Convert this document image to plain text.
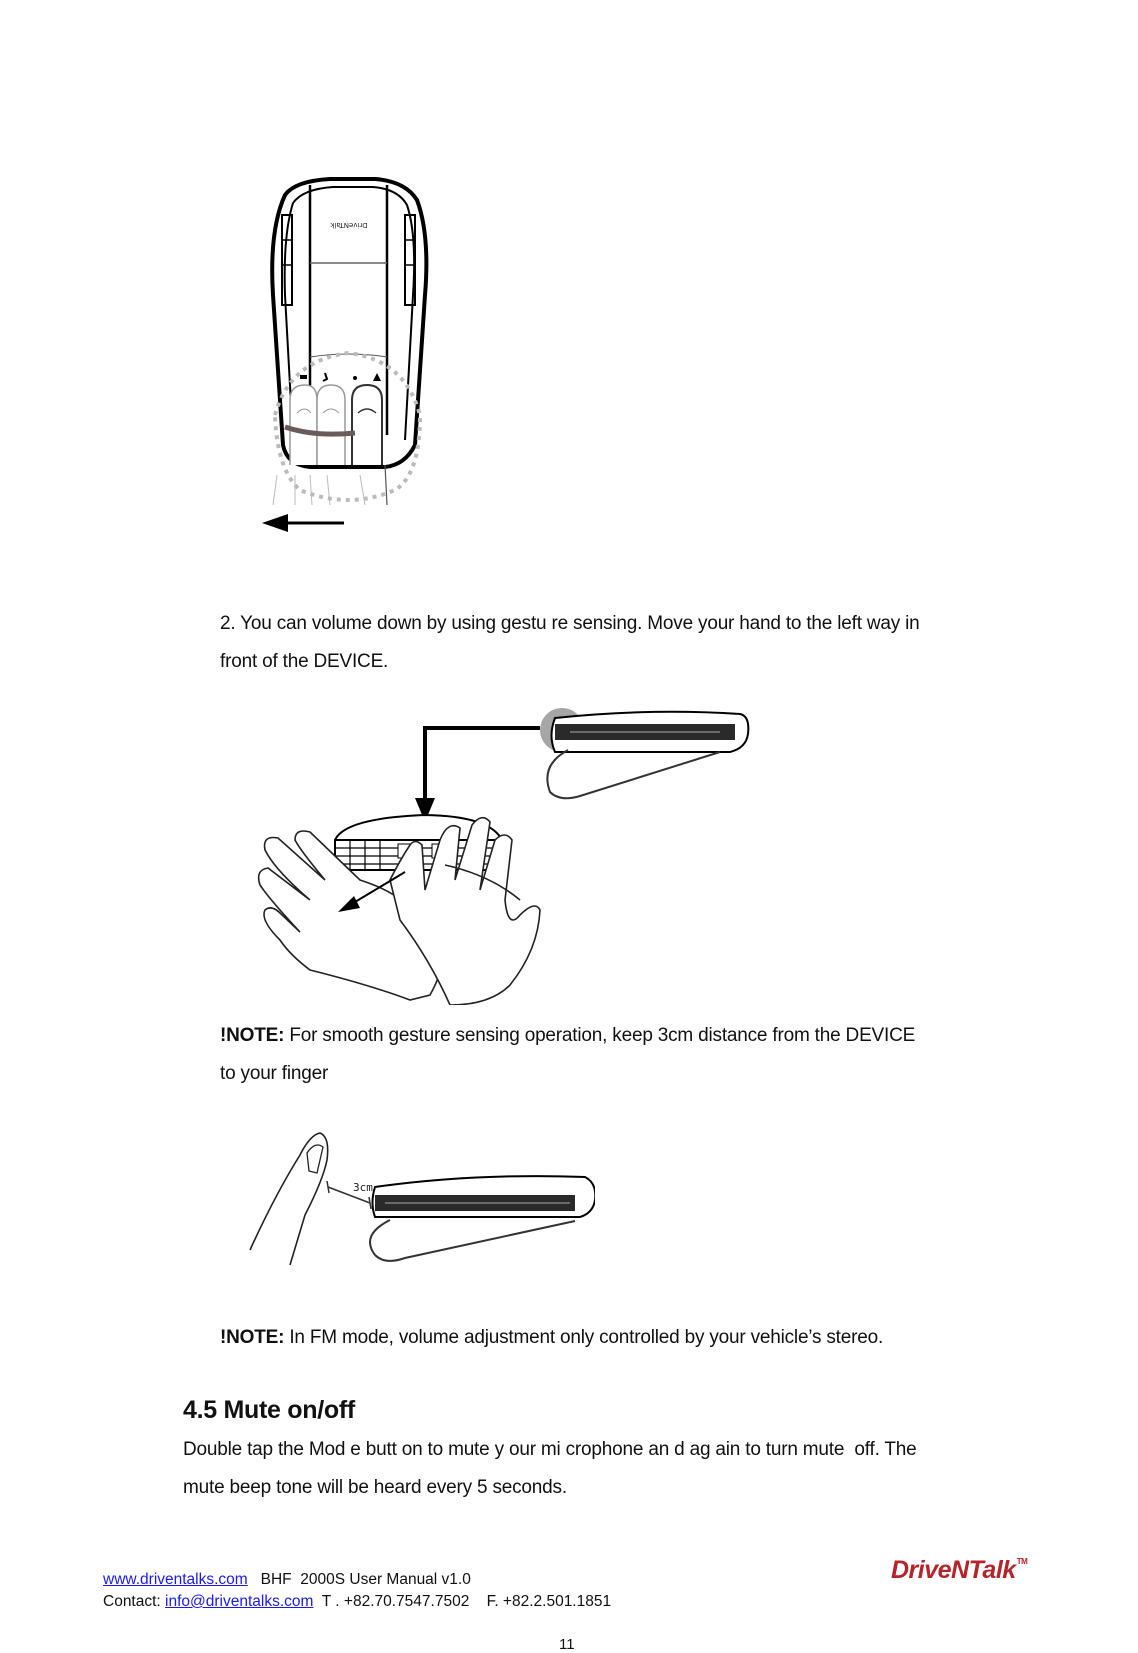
DriveNTalk
2. You can volume down by using gestu re sensing. Move your hand to the left way in
front of the DEVICE.
!NOTE: For smooth gesture sensing operation, keep 3cm distance from the DEVICE
to your finger
3cm
!NOTE: In FM mode, volume adjustment only controlled by your vehicle’s stereo.
4.5 Mute on/off
Double tap the Mod e butt on to mute y our mi crophone an d ag ain to turn mute  off. The
mute beep tone will be heard every 5 seconds.
www.driventalks.com BHF  2000S User Manual v1.0
Contact: info@driventalks.com T . +82.70.7547.7502 F. +82.2.501.1851
DriveNTalk™
11
